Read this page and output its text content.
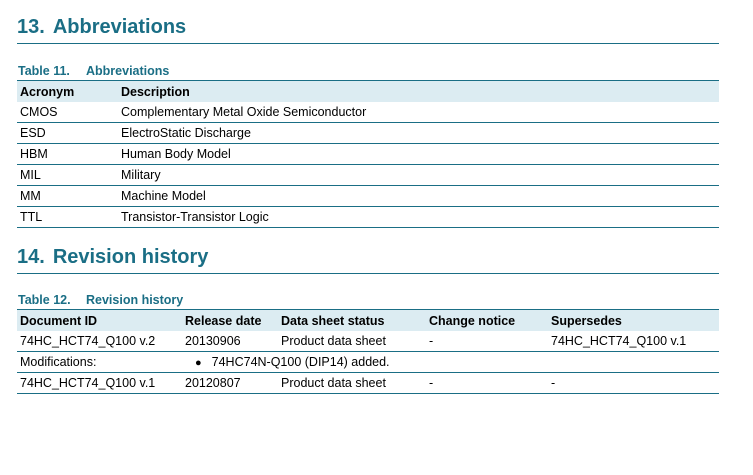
13. Abbreviations
Table 11. Abbreviations
Acronym	Description
CMOS	Complementary Metal Oxide Semiconductor
ESD	ElectroStatic Discharge
HBM	Human Body Model
MIL	Military
MM	Machine Model
TTL	Transistor-Transistor Logic
14. Revision history
Table 12. Revision history
Document ID	Release date	Data sheet status	Change notice	Supersedes
74HC_HCT74_Q100 v.2	20130906	Product data sheet	-	74HC_HCT74_Q100 v.1
Modifications:	● 74HC74N-Q100 (DIP14) added.			
74HC_HCT74_Q100 v.1	20120807	Product data sheet	-	-
